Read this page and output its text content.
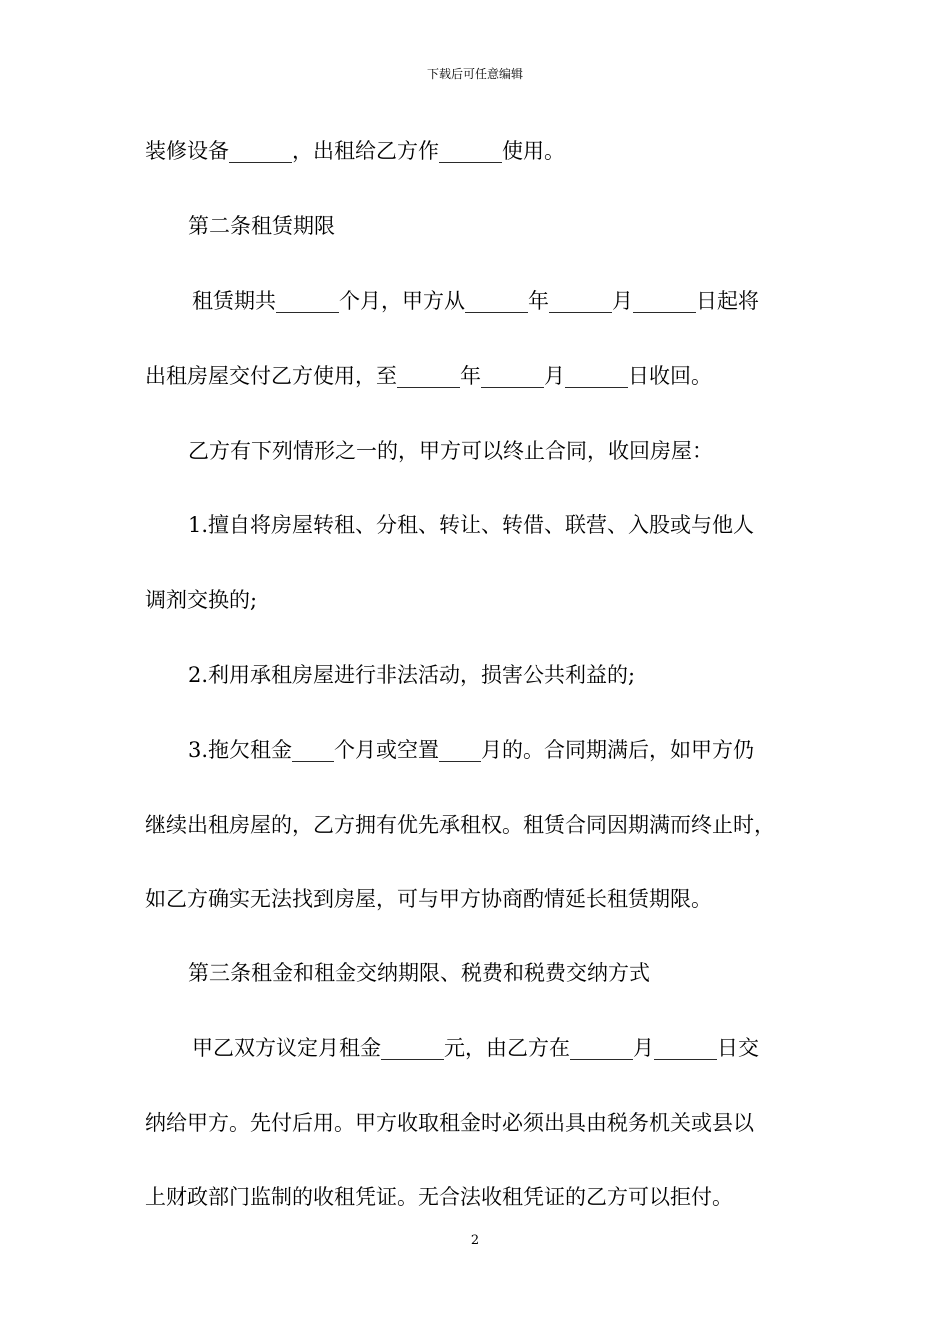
下载后可任意编辑
装修设备______，出租给乙方作______使用。
第二条租赁期限
租赁期共______个月，甲方从______年______月______日起将
出租房屋交付乙方使用，至______年______月______日收回。
乙方有下列情形之一的，甲方可以终止合同，收回房屋：
1.擅自将房屋转租、分租、转让、转借、联营、入股或与他人
调剂交换的;
2.利用承租房屋进行非法活动，损害公共利益的;
3.拖欠租金____个月或空置____月的。合同期满后，如甲方仍
继续出租房屋的，乙方拥有优先承租权。租赁合同因期满而终止时，
如乙方确实无法找到房屋，可与甲方协商酌情延长租赁期限。
第三条租金和租金交纳期限、税费和税费交纳方式
甲乙双方议定月租金______元，由乙方在______月______日交
纳给甲方。先付后用。甲方收取租金时必须出具由税务机关或县以
上财政部门监制的收租凭证。无合法收租凭证的乙方可以拒付。
2
